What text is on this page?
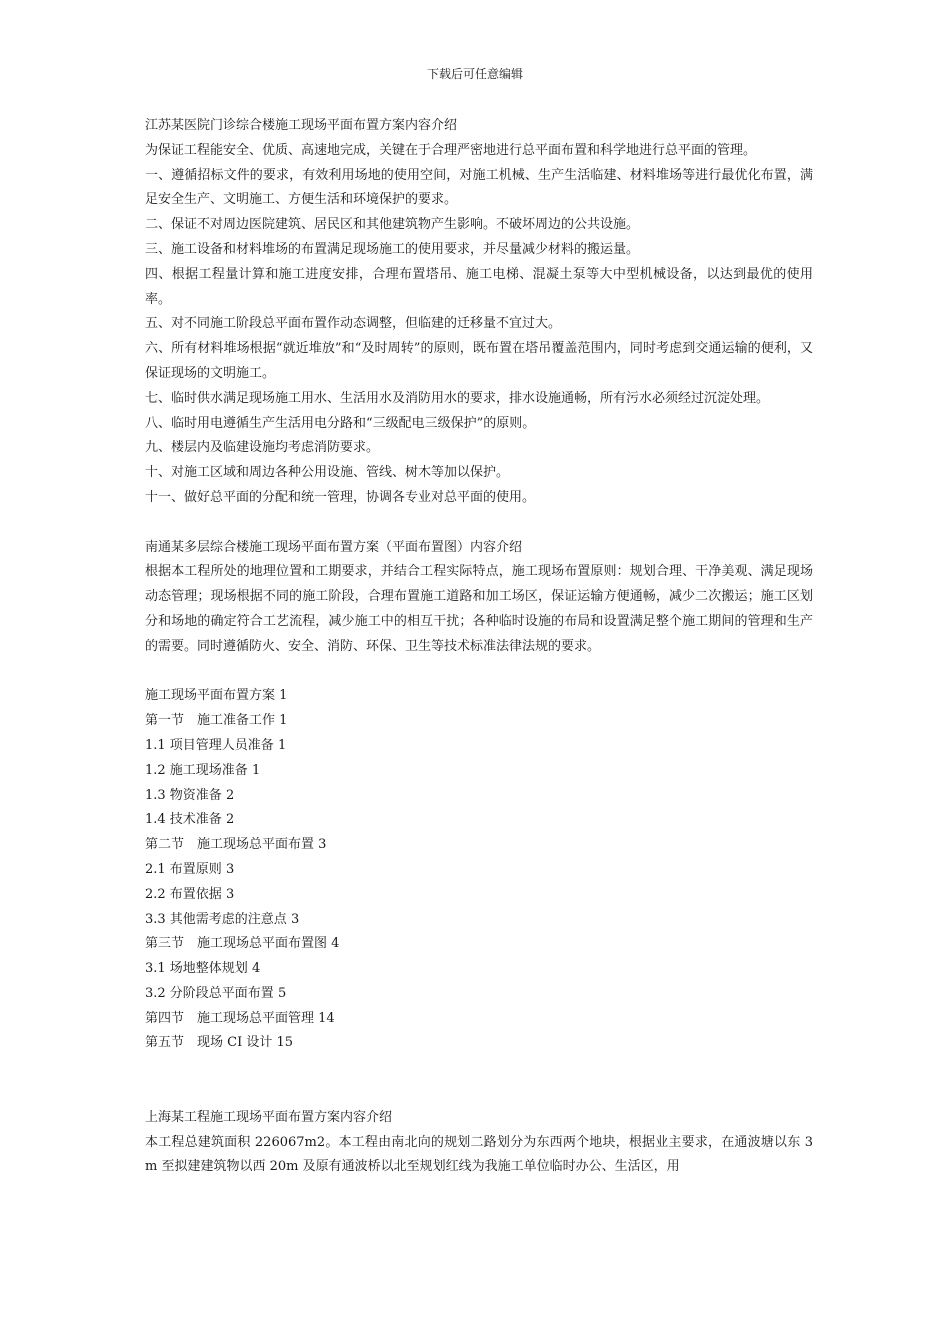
下载后可任意编辑

江苏某医院门诊综合楼施工现场平面布置方案内容介绍

为保证工程能安全、优质、高速地完成，关键在于合理严密地进行总平面布置和科学地进行总平面的管理。

一、遵循招标文件的要求，有效利用场地的使用空间，对施工机械、生产生活临建、材料堆场等进行最优化布置，满足安全生产、文明施工、方便生活和环境保护的要求。

二、保证不对周边医院建筑、居民区和其他建筑物产生影响。不破坏周边的公共设施。

三、施工设备和材料堆场的布置满足现场施工的使用要求，并尽量减少材料的搬运量。

四、根据工程量计算和施工进度安排，合理布置塔吊、施工电梯、混凝土泵等大中型机械设备，以达到最优的使用率。

五、对不同施工阶段总平面布置作动态调整，但临建的迁移量不宜过大。

六、所有材料堆场根据“就近堆放”和“及时周转”的原则，既布置在塔吊覆盖范围内，同时考虑到交通运输的便利，又保证现场的文明施工。

七、临时供水满足现场施工用水、生活用水及消防用水的要求，排水设施通畅，所有污水必须经过沉淀处理。

八、临时用电遵循生产生活用电分路和“三级配电三级保护”的原则。

九、楼层内及临建设施均考虑消防要求。

十、对施工区域和周边各种公用设施、管线、树木等加以保护。

十一、做好总平面的分配和统一管理，协调各专业对总平面的使用。

南通某多层综合楼施工现场平面布置方案（平面布置图）内容介绍

根据本工程所处的地理位置和工期要求，并结合工程实际特点，施工现场布置原则：规划合理、干净美观、满足现场动态管理；现场根据不同的施工阶段，合理布置施工道路和加工场区，保证运输方便通畅，减少二次搬运；施工区划分和场地的确定符合工艺流程，减少施工中的相互干扰；各种临时设施的布局和设置满足整个施工期间的管理和生产的需要。同时遵循防火、安全、消防、环保、卫生等技术标准法律法规的要求。

施工现场平面布置方案 1

第一节　施工准备工作 1

1.1 项目管理人员准备 1

1.2 施工现场准备 1

1.3 物资准备 2

1.4 技术准备 2

第二节　施工现场总平面布置 3

2.1 布置原则 3

2.2 布置依据 3

3.3 其他需考虑的注意点 3

第三节　施工现场总平面布置图 4

3.1 场地整体规划 4

3.2 分阶段总平面布置 5

第四节　施工现场总平面管理 14

第五节　现场 CI 设计 15

上海某工程施工现场平面布置方案内容介绍

本工程总建筑面积 226067m2。本工程由南北向的规划二路划分为东西两个地块，根据业主要求，在通波塘以东 3m 至拟建建筑物以西 20m 及原有通波桥以北至规划红线为我施工单位临时办公、生活区，用
